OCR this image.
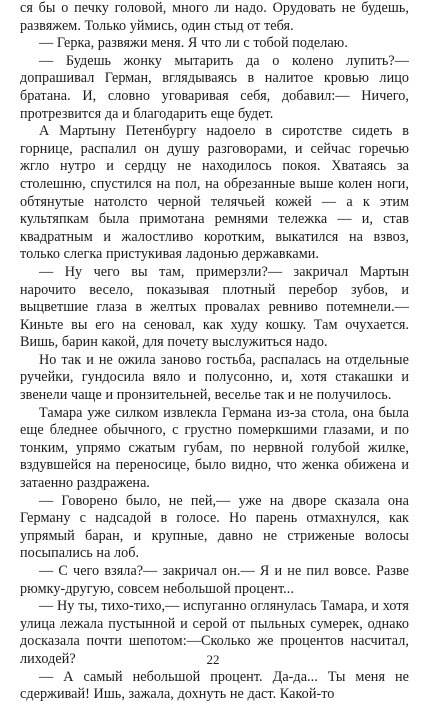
ся бы о печку головой, много ли надо. Орудовать не будешь, развяжем. Только уймись, один стыд от тебя.

— Герка, развяжи меня. Я что ли с тобой поделаю.

— Будешь жонку мытарить да о колено лупить?— допрашивал Герман, вглядываясь в налитое кровью лицо братана. И, словно уговаривая себя, добавил:— Ничего, протрезвится да и благодарить еще будет.

А Мартыну Петенбургу надоело в сиротстве сидеть в горнице, распалил он душу разговорами, и сейчас горечью жгло нутро и сердцу не находилось покоя. Хватаясь за столешню, спустился на пол, на обрезанные выше колен ноги, обтянутые натолсто черной телячьей кожей — а к этим культяпкам была примотана ремнями тележка — и, став квадратным и жалостливо коротким, выкатился на взвоз, только слегка пристукивая ладонью державками.

— Ну чего вы там, примерзли?— закричал Мартын нарочито весело, показывая плотный перебор зубов, и выцветшие глаза в желтых провалах ревниво потемнели.— Киньте вы его на сеновал, как худу кошку. Там очухается. Вишь, барин какой, для почету выслужиться надо.

Но так и не ожила заново гостьба, распалась на отдельные ручейки, гундосила вяло и полусонно, и, хотя стакашки и звенели чаще и пронзительней, веселье так и не получилось.

Тамара уже силком извлекла Германа из-за стола, она была еще бледнее обычного, с грустно померкшими глазами, и по тонким, упрямо сжатым губам, по нервной голубой жилке, вздувшейся на переносице, было видно, что женка обижена и затаенно раздражена.

— Говорено было, не пей,— уже на дворе сказала она Герману с надсадой в голосе. Но парень отмахнулся, как упрямый баран, и крупные, давно не стриженые волосы посыпались на лоб.

— С чего взяла?— закричал он.— Я и не пил вовсе. Разве рюмку-другую, совсем небольшой процент...

— Ну ты, тихо-тихо,— испуганно оглянулась Тамара, и хотя улица лежала пустынной и серой от пыльных сумерек, однако досказала почти шепотом:—Сколько же процентов насчитал, лиходей?

— А самый небольшой процент. Да-да... Ты меня не сдерживай! Ишь, зажала, дохнуть не даст. Какой-то

22
